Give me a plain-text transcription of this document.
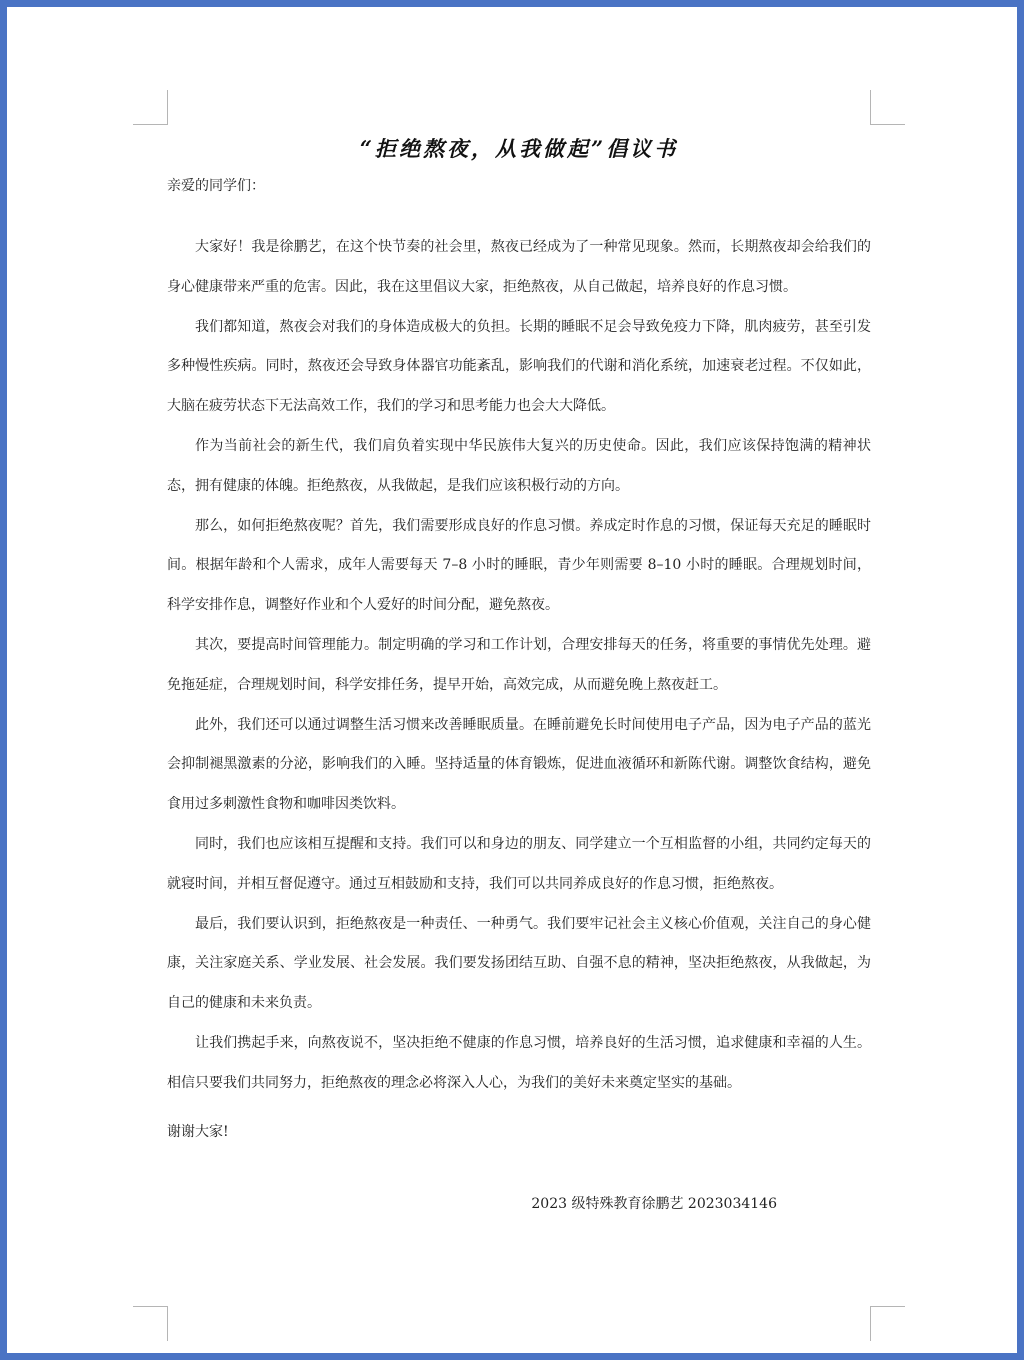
“拒绝熬夜，从我做起”倡议书

亲爱的同学们：

大家好！我是徐鹏艺，在这个快节奏的社会里，熬夜已经成为了一种常见现象。然而，长期熬夜却会给我们的身心健康带来严重的危害。因此，我在这里倡议大家，拒绝熬夜，从自己做起，培养良好的作息习惯。

我们都知道，熬夜会对我们的身体造成极大的负担。长期的睡眠不足会导致免疫力下降，肌肉疲劳，甚至引发多种慢性疾病。同时，熬夜还会导致身体器官功能紊乱，影响我们的代谢和消化系统，加速衰老过程。不仅如此，大脑在疲劳状态下无法高效工作，我们的学习和思考能力也会大大降低。

作为当前社会的新生代，我们肩负着实现中华民族伟大复兴的历史使命。因此，我们应该保持饱满的精神状态，拥有健康的体魄。拒绝熬夜，从我做起，是我们应该积极行动的方向。

那么，如何拒绝熬夜呢？首先，我们需要形成良好的作息习惯。养成定时作息的习惯，保证每天充足的睡眠时间。根据年龄和个人需求，成年人需要每天 7–8 小时的睡眠，青少年则需要 8–10 小时的睡眠。合理规划时间，科学安排作息，调整好作业和个人爱好的时间分配，避免熬夜。

其次，要提高时间管理能力。制定明确的学习和工作计划，合理安排每天的任务，将重要的事情优先处理。避免拖延症，合理规划时间，科学安排任务，提早开始，高效完成，从而避免晚上熬夜赶工。

此外，我们还可以通过调整生活习惯来改善睡眠质量。在睡前避免长时间使用电子产品，因为电子产品的蓝光会抑制褪黑激素的分泌，影响我们的入睡。坚持适量的体育锻炼，促进血液循环和新陈代谢。调整饮食结构，避免食用过多刺激性食物和咖啡因类饮料。

同时，我们也应该相互提醒和支持。我们可以和身边的朋友、同学建立一个互相监督的小组，共同约定每天的就寝时间，并相互督促遵守。通过互相鼓励和支持，我们可以共同养成良好的作息习惯，拒绝熬夜。

最后，我们要认识到，拒绝熬夜是一种责任、一种勇气。我们要牢记社会主义核心价值观，关注自己的身心健康，关注家庭关系、学业发展、社会发展。我们要发扬团结互助、自强不息的精神，坚决拒绝熬夜，从我做起，为自己的健康和未来负责。

让我们携起手来，向熬夜说不，坚决拒绝不健康的作息习惯，培养良好的生活习惯，追求健康和幸福的人生。相信只要我们共同努力，拒绝熬夜的理念必将深入人心，为我们的美好未来奠定坚实的基础。

谢谢大家!

2023 级特殊教育徐鹏艺 2023034146
